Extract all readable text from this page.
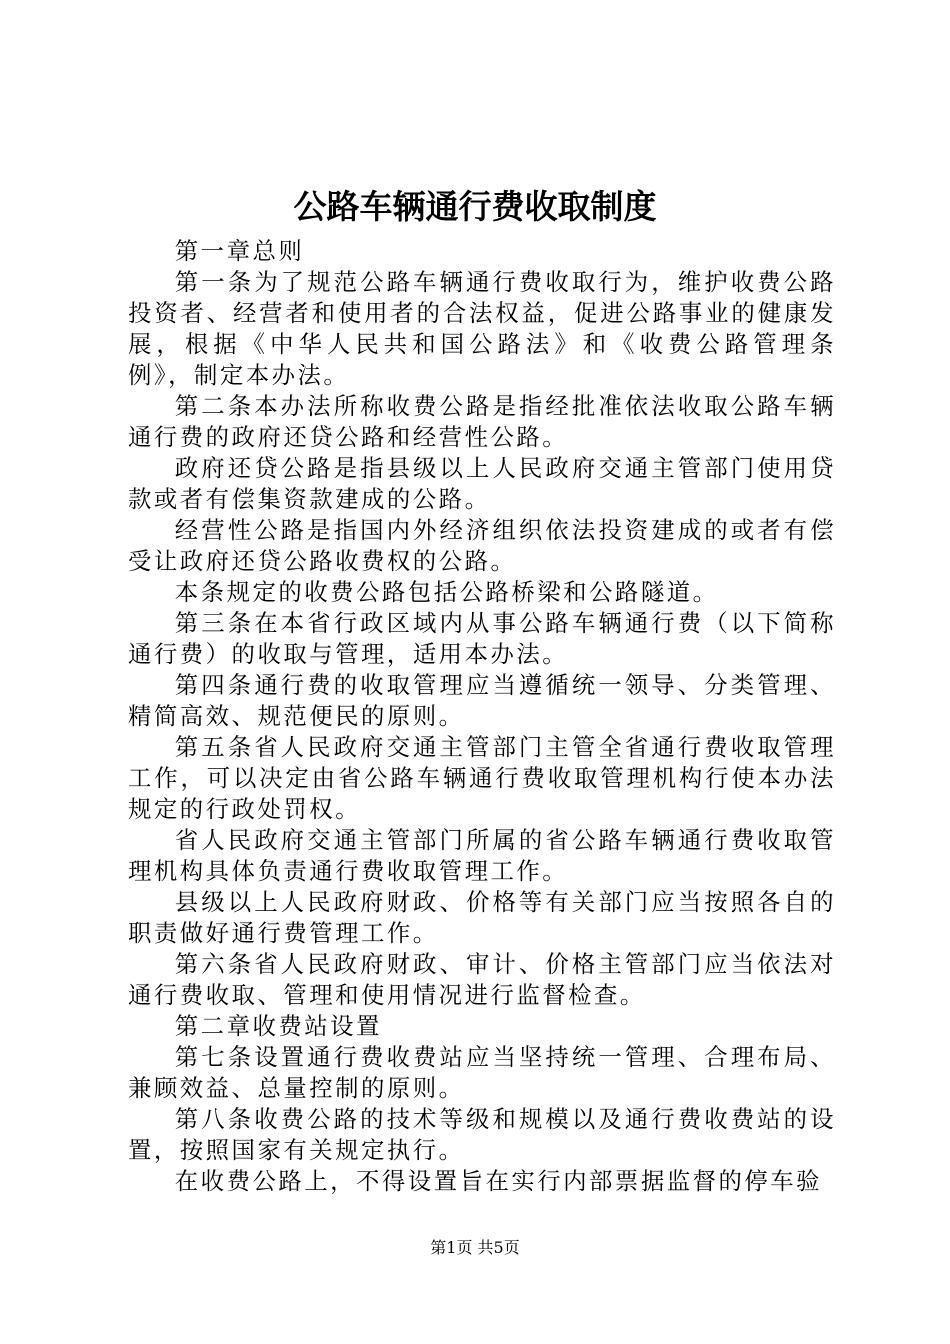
公路车辆通行费收取制度

第一章总则

第一条为了规范公路车辆通行费收取行为，维护收费公路投资者、经营者和使用者的合法权益，促进公路事业的健康发展，根据《中华人民共和国公路法》和《收费公路管理条例》，制定本办法。

第二条本办法所称收费公路是指经批准依法收取公路车辆通行费的政府还贷公路和经营性公路。

政府还贷公路是指县级以上人民政府交通主管部门使用贷款或者有偿集资款建成的公路。

经营性公路是指国内外经济组织依法投资建成的或者有偿受让政府还贷公路收费权的公路。

本条规定的收费公路包括公路桥梁和公路隧道。

第三条在本省行政区域内从事公路车辆通行费（以下简称通行费）的收取与管理，适用本办法。

第四条通行费的收取管理应当遵循统一领导、分类管理、精简高效、规范便民的原则。

第五条省人民政府交通主管部门主管全省通行费收取管理工作，可以决定由省公路车辆通行费收取管理机构行使本办法规定的行政处罚权。

省人民政府交通主管部门所属的省公路车辆通行费收取管理机构具体负责通行费收取管理工作。

县级以上人民政府财政、价格等有关部门应当按照各自的职责做好通行费管理工作。

第六条省人民政府财政、审计、价格主管部门应当依法对通行费收取、管理和使用情况进行监督检查。

第二章收费站设置

第七条设置通行费收费站应当坚持统一管理、合理布局、兼顾效益、总量控制的原则。

第八条收费公路的技术等级和规模以及通行费收费站的设置，按照国家有关规定执行。

在收费公路上，不得设置旨在实行内部票据监督的停车验

第1页 共5页
